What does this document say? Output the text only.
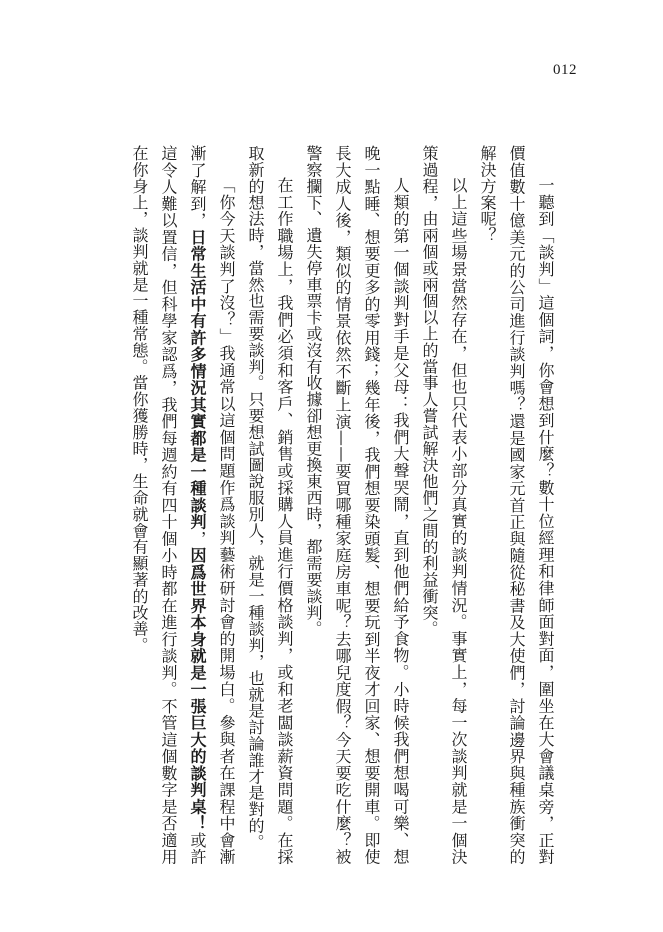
012

一聽到「談判」這個詞，你會想到什麼？數十位經理和律師面對面，圍坐在大會議桌旁，正對價值數十億美元的公司進行談判嗎？還是國家元首正與隨從秘書及大使們，討論邊界與種族衝突的解決方案呢？

以上這些場景當然存在，但也只代表小部分真實的談判情況。事實上，每一次談判就是一個決策過程，由兩個或兩個以上的當事人嘗試解決他們之間的利益衝突。

人類的第一個談判對手是父母：我們大聲哭鬧，直到他們給予食物。小時候我們想喝可樂、想晚一點睡、想要更多的零用錢；幾年後，我們想要染頭髮、想要玩到半夜才回家、想要開車。即使長大成人後，類似的情景依然不斷上演——要買哪種家庭房車呢？去哪兒度假？今天要吃什麼？被警察攔下、遺失停車票卡或沒有收據卻想更換東西時，都需要談判。

在工作職場上，我們必須和客戶、銷售或採購人員進行價格談判，或和老闆談薪資問題。在採取新的想法時，當然也需要談判。只要想試圖說服別人，就是一種談判，也就是討論誰才是對的。

「你今天談判了沒？」我通常以這個問題作爲談判藝術研討會的開場白。參與者在課程中會漸漸了解到，日常生活中有許多情況其實都是一種談判，因爲世界本身就是一張巨大的談判桌！或許這令人難以置信，但科學家認爲，我們每週約有四十個小時都在進行談判。不管這個數字是否適用在你身上，談判就是一種常態。當你獲勝時，生命就會有顯著的改善。
